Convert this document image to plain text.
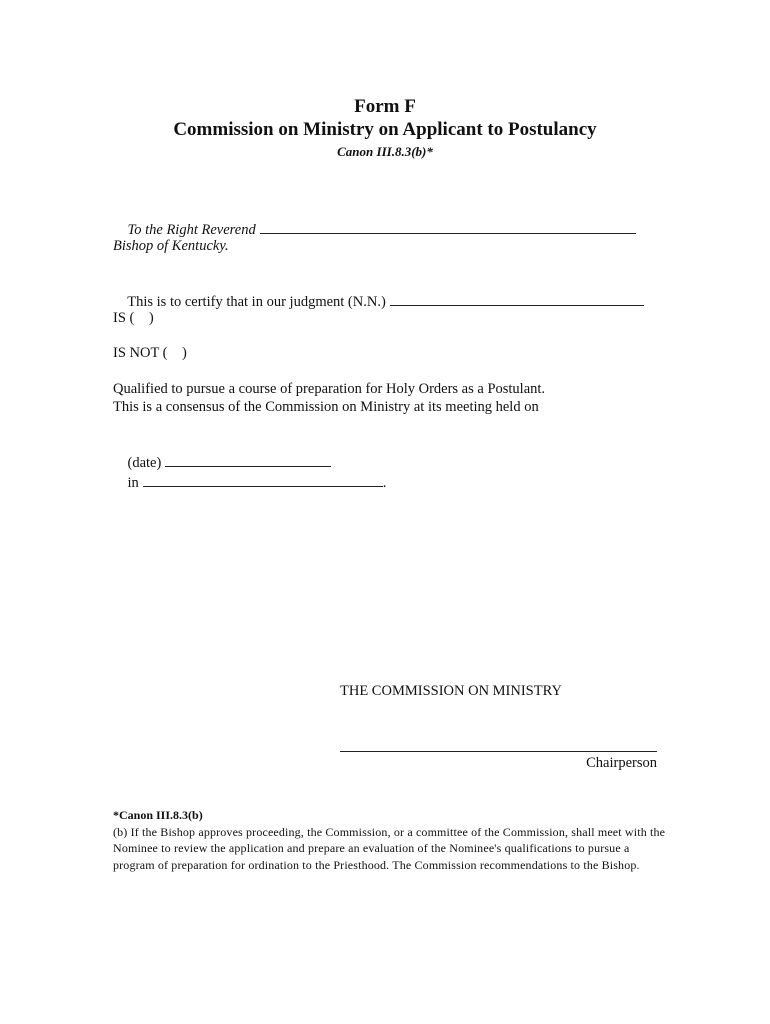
Form F

Commission on Ministry on Applicant to Postulancy

Canon III.8.3(b)*

To the Right Reverend

Bishop of Kentucky.

This is to certify that in our judgment (N.N.)

IS (    )
IS NOT (    )
Qualified to pursue a course of preparation for Holy Orders as a Postulant.
This is a consensus of the Commission on Ministry at its meeting held on

(date)
in	.

THE COMMISSION ON MINISTRY
Chairperson
*Canon III.8.3(b)
(b) If the Bishop approves proceeding, the Commission, or a committee of the Commission, shall meet with the Nominee to review the application and prepare an evaluation of the Nominee's qualifications to pursue a program of preparation for ordination to the Priesthood. The Commission recommendations to the Bishop.
